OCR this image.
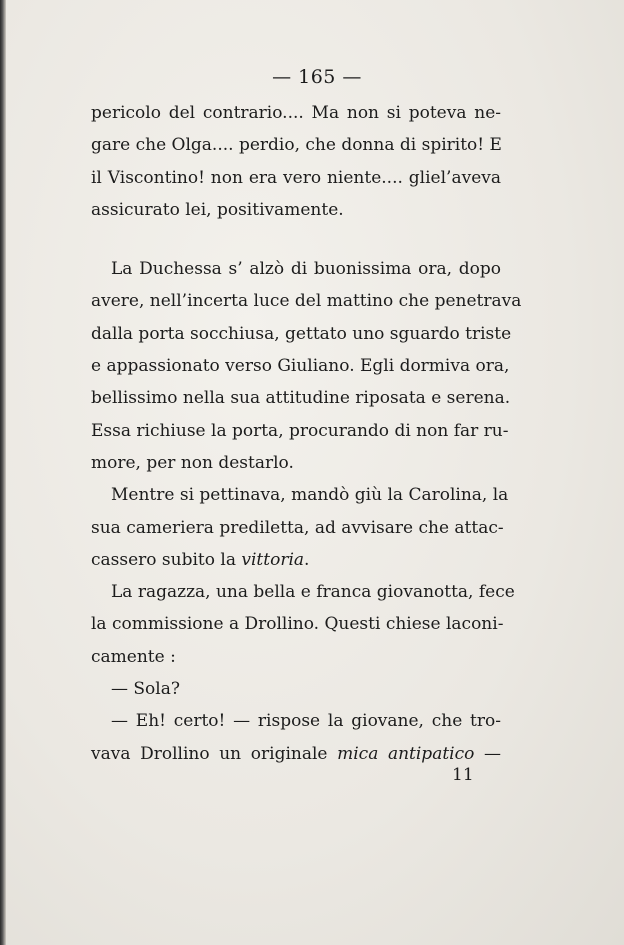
— 165 —
pericolo del contrario.... Ma non si poteva ne-
gare che Olga.... perdio, che donna di spirito! E
il Viscontino! non era vero niente.... gliel’aveva
assicurato lei, positivamente.
La Duchessa s’ alzò di buonissima ora, dopo
avere, nell’incerta luce del mattino che penetrava
dalla porta socchiusa, gettato uno sguardo triste
e appassionato verso Giuliano. Egli dormiva ora,
bellissimo nella sua attitudine riposata e serena.
Essa richiuse la porta, procurando di non far ru-
more, per non destarlo.
Mentre si pettinava, mandò giù la Carolina, la
sua cameriera prediletta, ad avvisare che attac-
cassero subito la vittoria.
La ragazza, una bella e franca giovanotta, fece
la commissione a Drollino. Questi chiese laconi-
camente :
— Sola?
— Eh! certo! — rispose la giovane, che tro-
vava Drollino un originale mica antipatico —
11
